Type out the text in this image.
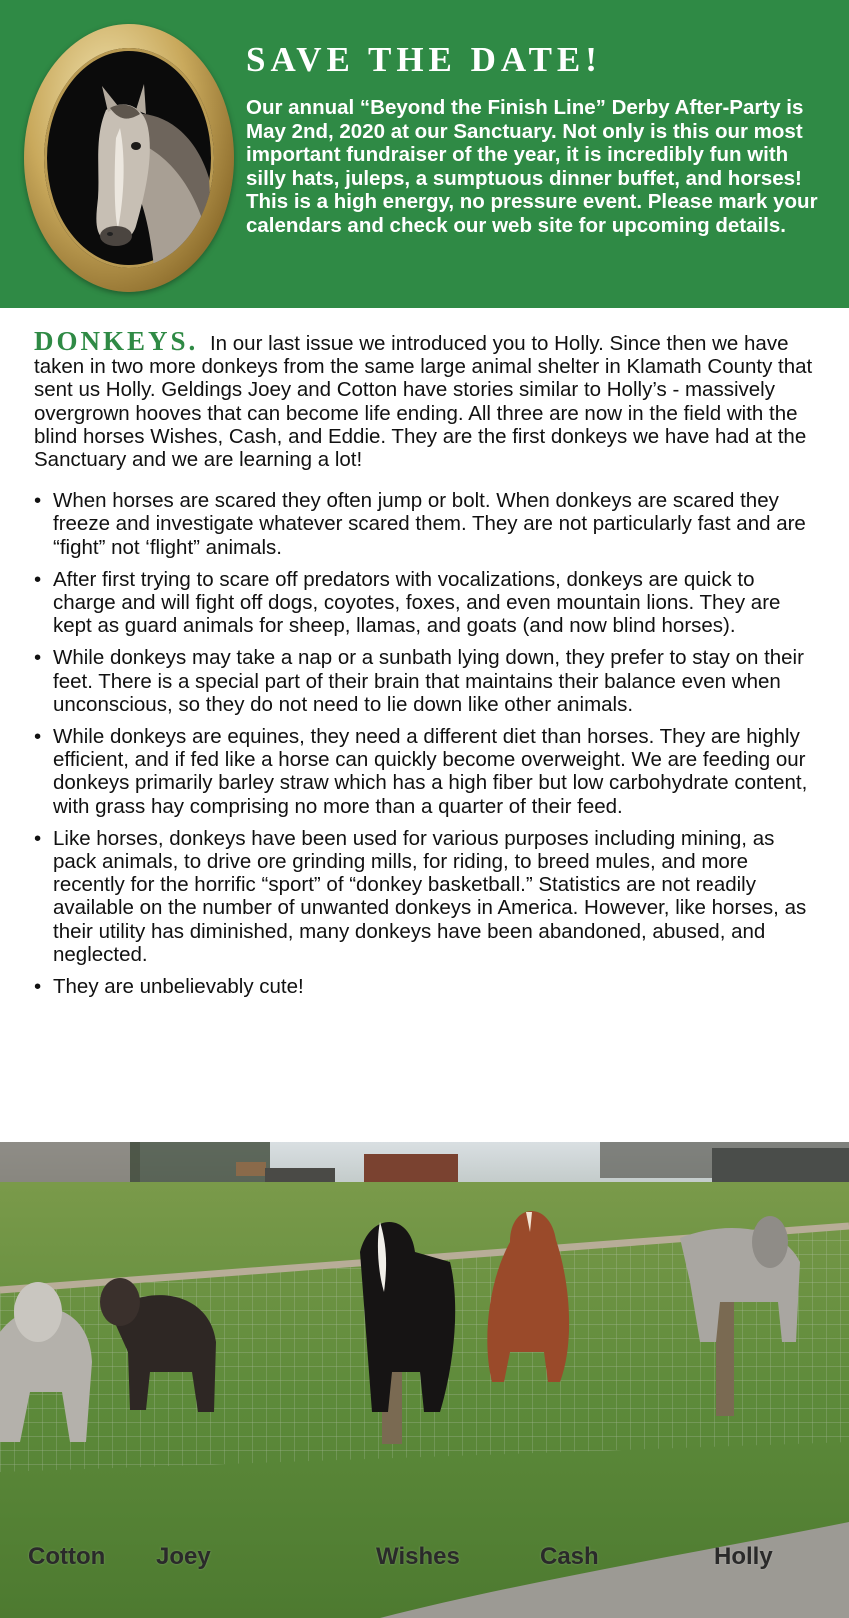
SAVE THE DATE!

Our annual “Beyond the Finish Line” Derby After-Party is May 2nd, 2020 at our Sanctuary. Not only is this our most important fundraiser of the year, it is incredibly fun with silly hats, juleps, a sumptuous dinner buffet, and horses! This is a high energy, no pressure event. Please mark your calendars and check our web site for upcoming details.

DONKEYS. In our last issue we introduced you to Holly. Since then we have taken in two more donkeys from the same large animal shelter in Klamath County that sent us Holly. Geldings Joey and Cotton have stories similar to Holly’s - massively overgrown hooves that can become life ending. All three are now in the field with the blind horses Wishes, Cash, and Eddie. They are the first donkeys we have had at the Sanctuary and we are learning a lot!

• When horses are scared they often jump or bolt. When donkeys are scared they freeze and investigate whatever scared them. They are not particularly fast and are “fight” not ‘flight” animals.
• After first trying to scare off predators with vocalizations, donkeys are quick to charge and will fight off dogs, coyotes, foxes, and even mountain lions. They are kept as guard animals for sheep, llamas, and goats (and now blind horses).
• While donkeys may take a nap or a sunbath lying down, they prefer to stay on their feet. There is a special part of their brain that maintains their balance even when unconscious, so they do not need to lie down like other animals.
• While donkeys are equines, they need a different diet than horses. They are highly efficient, and if fed like a horse can quickly become overweight. We are feeding our donkeys primarily barley straw which has a high fiber but low carbohydrate content, with grass hay comprising no more than a quarter of their feed.
• Like horses, donkeys have been used for various purposes including mining, as pack animals, to drive ore grinding mills, for riding, to breed mules, and more recently for the horrific “sport” of “donkey basketball.” Statistics are not readily available on the number of unwanted donkeys in America. However, like horses, as their utility has diminished, many donkeys have been abandoned, abused, and neglected.
• They are unbelievably cute!
Cotton Joey	Wishes	Cash	Holly
